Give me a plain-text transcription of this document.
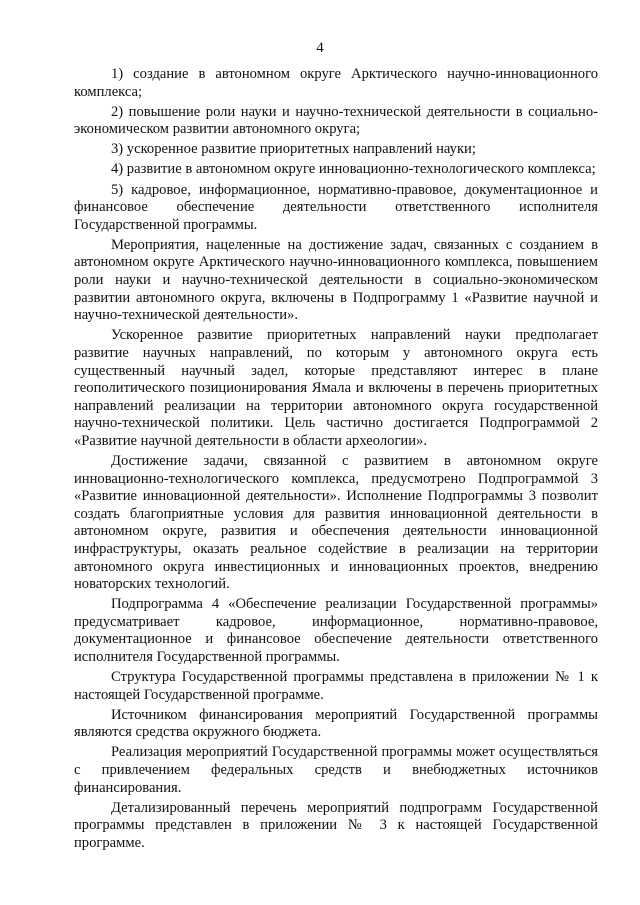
4

1) создание в автономном округе Арктического научно-инновационного комплекса;

2) повышение роли науки и научно-технической деятельности в социально-экономическом развитии автономного округа;

3) ускоренное развитие приоритетных направлений науки;

4) развитие в автономном округе инновационно-технологического комплекса;

5) кадровое, информационное, нормативно-правовое, документационное и финансовое обеспечение деятельности ответственного исполнителя Государственной программы.

Мероприятия, нацеленные на достижение задач, связанных с созданием в автономном округе Арктического научно-инновационного комплекса, повышением роли науки и научно-технической деятельности в социально-экономическом развитии автономного округа, включены в Подпрограмму 1 «Развитие научной и научно-технической деятельности».

Ускоренное развитие приоритетных направлений науки предполагает развитие научных направлений, по которым у автономного округа есть существенный научный задел, которые представляют интерес в плане геополитического позиционирования Ямала и включены в перечень приоритетных направлений реализации на территории автономного округа государственной научно-технической политики. Цель частично достигается Подпрограммой 2 «Развитие научной деятельности в области археологии».

Достижение задачи, связанной с развитием в автономном округе инновационно-технологического комплекса, предусмотрено Подпрограммой 3 «Развитие инновационной деятельности». Исполнение Подпрограммы 3 позволит создать благоприятные условия для развития инновационной деятельности в автономном округе, развития и обеспечения деятельности инновационной инфраструктуры, оказать реальное содействие в реализации на территории автономного округа инвестиционных и инновационных проектов, внедрению новаторских технологий.

Подпрограмма 4 «Обеспечение реализации Государственной программы» предусматривает кадровое, информационное, нормативно-правовое, документационное и финансовое обеспечение деятельности ответственного исполнителя Государственной программы.

Структура Государственной программы представлена в приложении № 1 к настоящей Государственной программе.

Источником финансирования мероприятий Государственной программы являются средства окружного бюджета.

Реализация мероприятий Государственной программы может осуществляться с привлечением федеральных средств и внебюджетных источников финансирования.

Детализированный перечень мероприятий подпрограмм Государственной программы представлен в приложении № 3 к настоящей Государственной программе.
